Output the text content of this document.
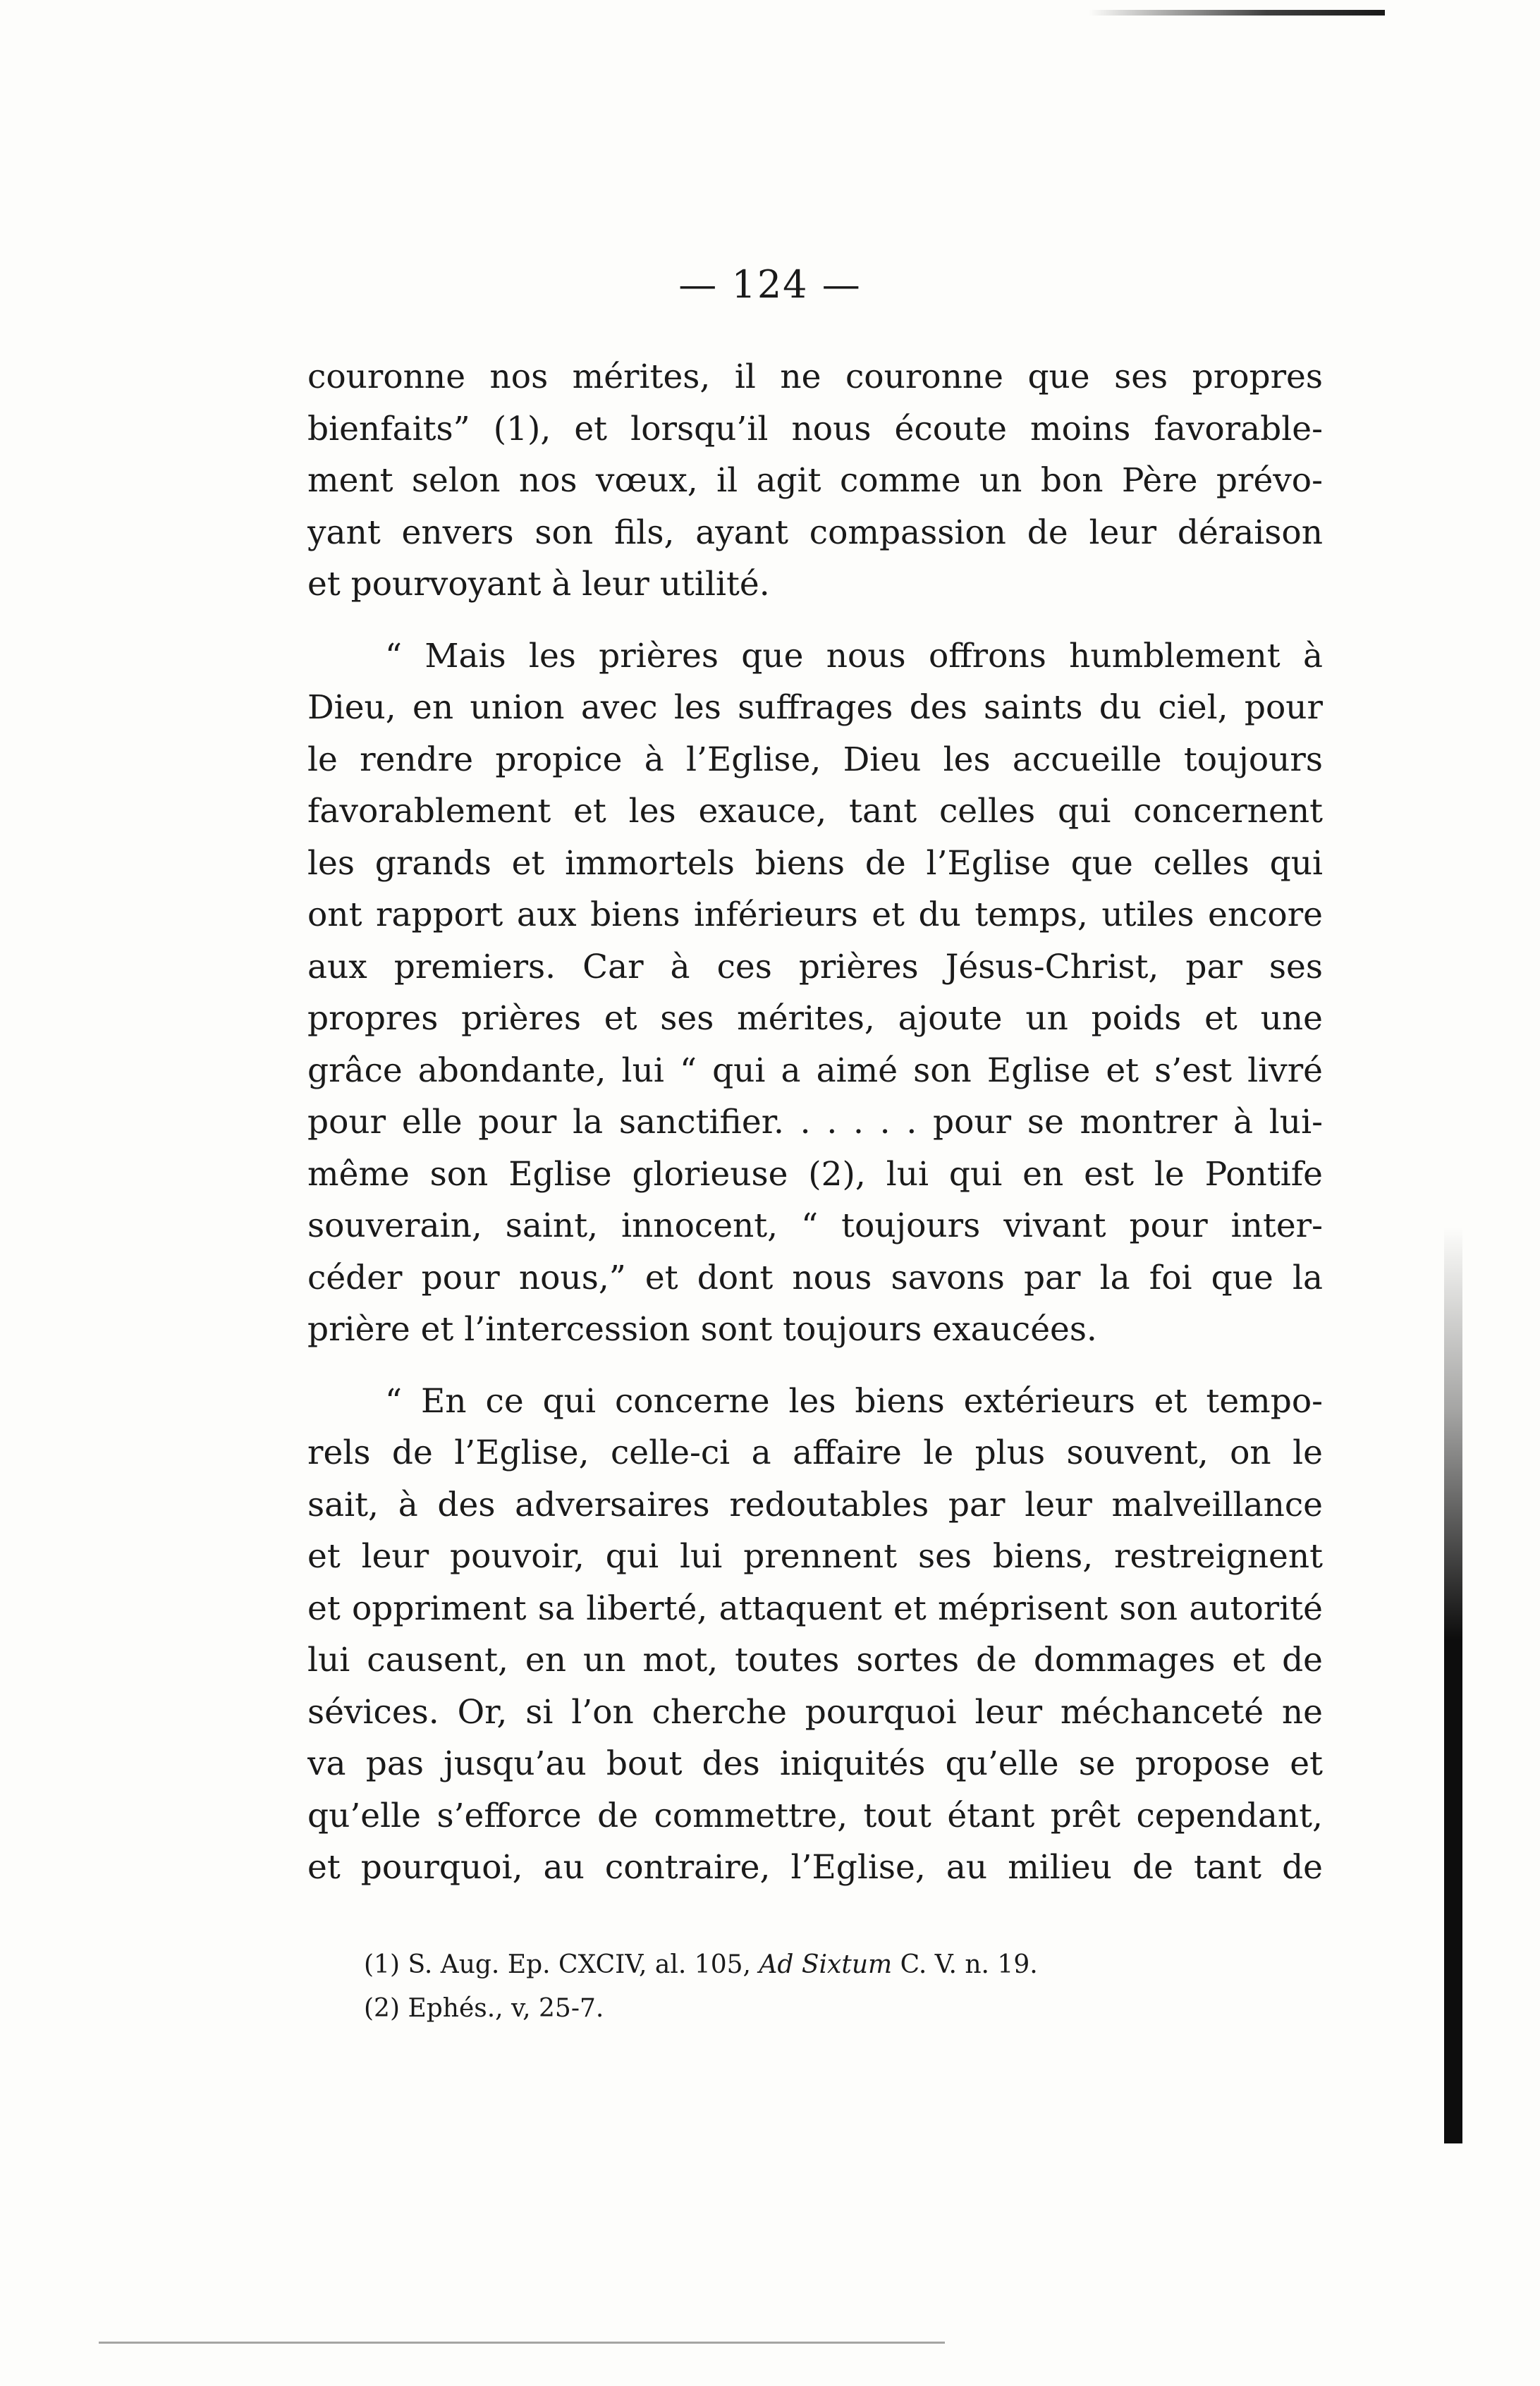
— 124 —
couronne nos mérites, il ne couronne que ses propres
bienfaits” (1), et lorsqu’il nous écoute moins favorable-
ment selon nos vœux, il agit comme un bon Père prévo-
yant envers son fils, ayant compassion de leur déraison
et pourvoyant à leur utilité.
“ Mais les prières que nous offrons humblement à
Dieu, en union avec les suffrages des saints du ciel, pour
le rendre propice à l’Eglise, Dieu les accueille toujours
favorablement et les exauce, tant celles qui concernent
les grands et immortels biens de l’Eglise que celles qui
ont rapport aux biens inférieurs et du temps, utiles encore
aux premiers. Car à ces prières Jésus-Christ, par ses
propres prières et ses mérites, ajoute un poids et une
grâce abondante, lui “ qui a aimé son Eglise et s’est livré
pour elle pour la sanctifier. . . . . . pour se montrer à lui-
même son Eglise glorieuse (2), lui qui en est le Pontife
souverain, saint, innocent, “ toujours vivant pour inter-
céder pour nous,” et dont nous savons par la foi que la
prière et l’intercession sont toujours exaucées.
“ En ce qui concerne les biens extérieurs et tempo-
rels de l’Eglise, celle-ci a affaire le plus souvent, on le
sait, à des adversaires redoutables par leur malveillance
et leur pouvoir, qui lui prennent ses biens, restreignent
et oppriment sa liberté, attaquent et méprisent son autorité
lui causent, en un mot, toutes sortes de dommages et de
sévices. Or, si l’on cherche pourquoi leur méchanceté ne
va pas jusqu’au bout des iniquités qu’elle se propose et
qu’elle s’efforce de commettre, tout étant prêt cependant,
et pourquoi, au contraire, l’Eglise, au milieu de tant de
(1) S. Aug. Ep. CXCIV, al. 105, Ad Sixtum C. V. n. 19.
(2) Ephés., v, 25-7.
